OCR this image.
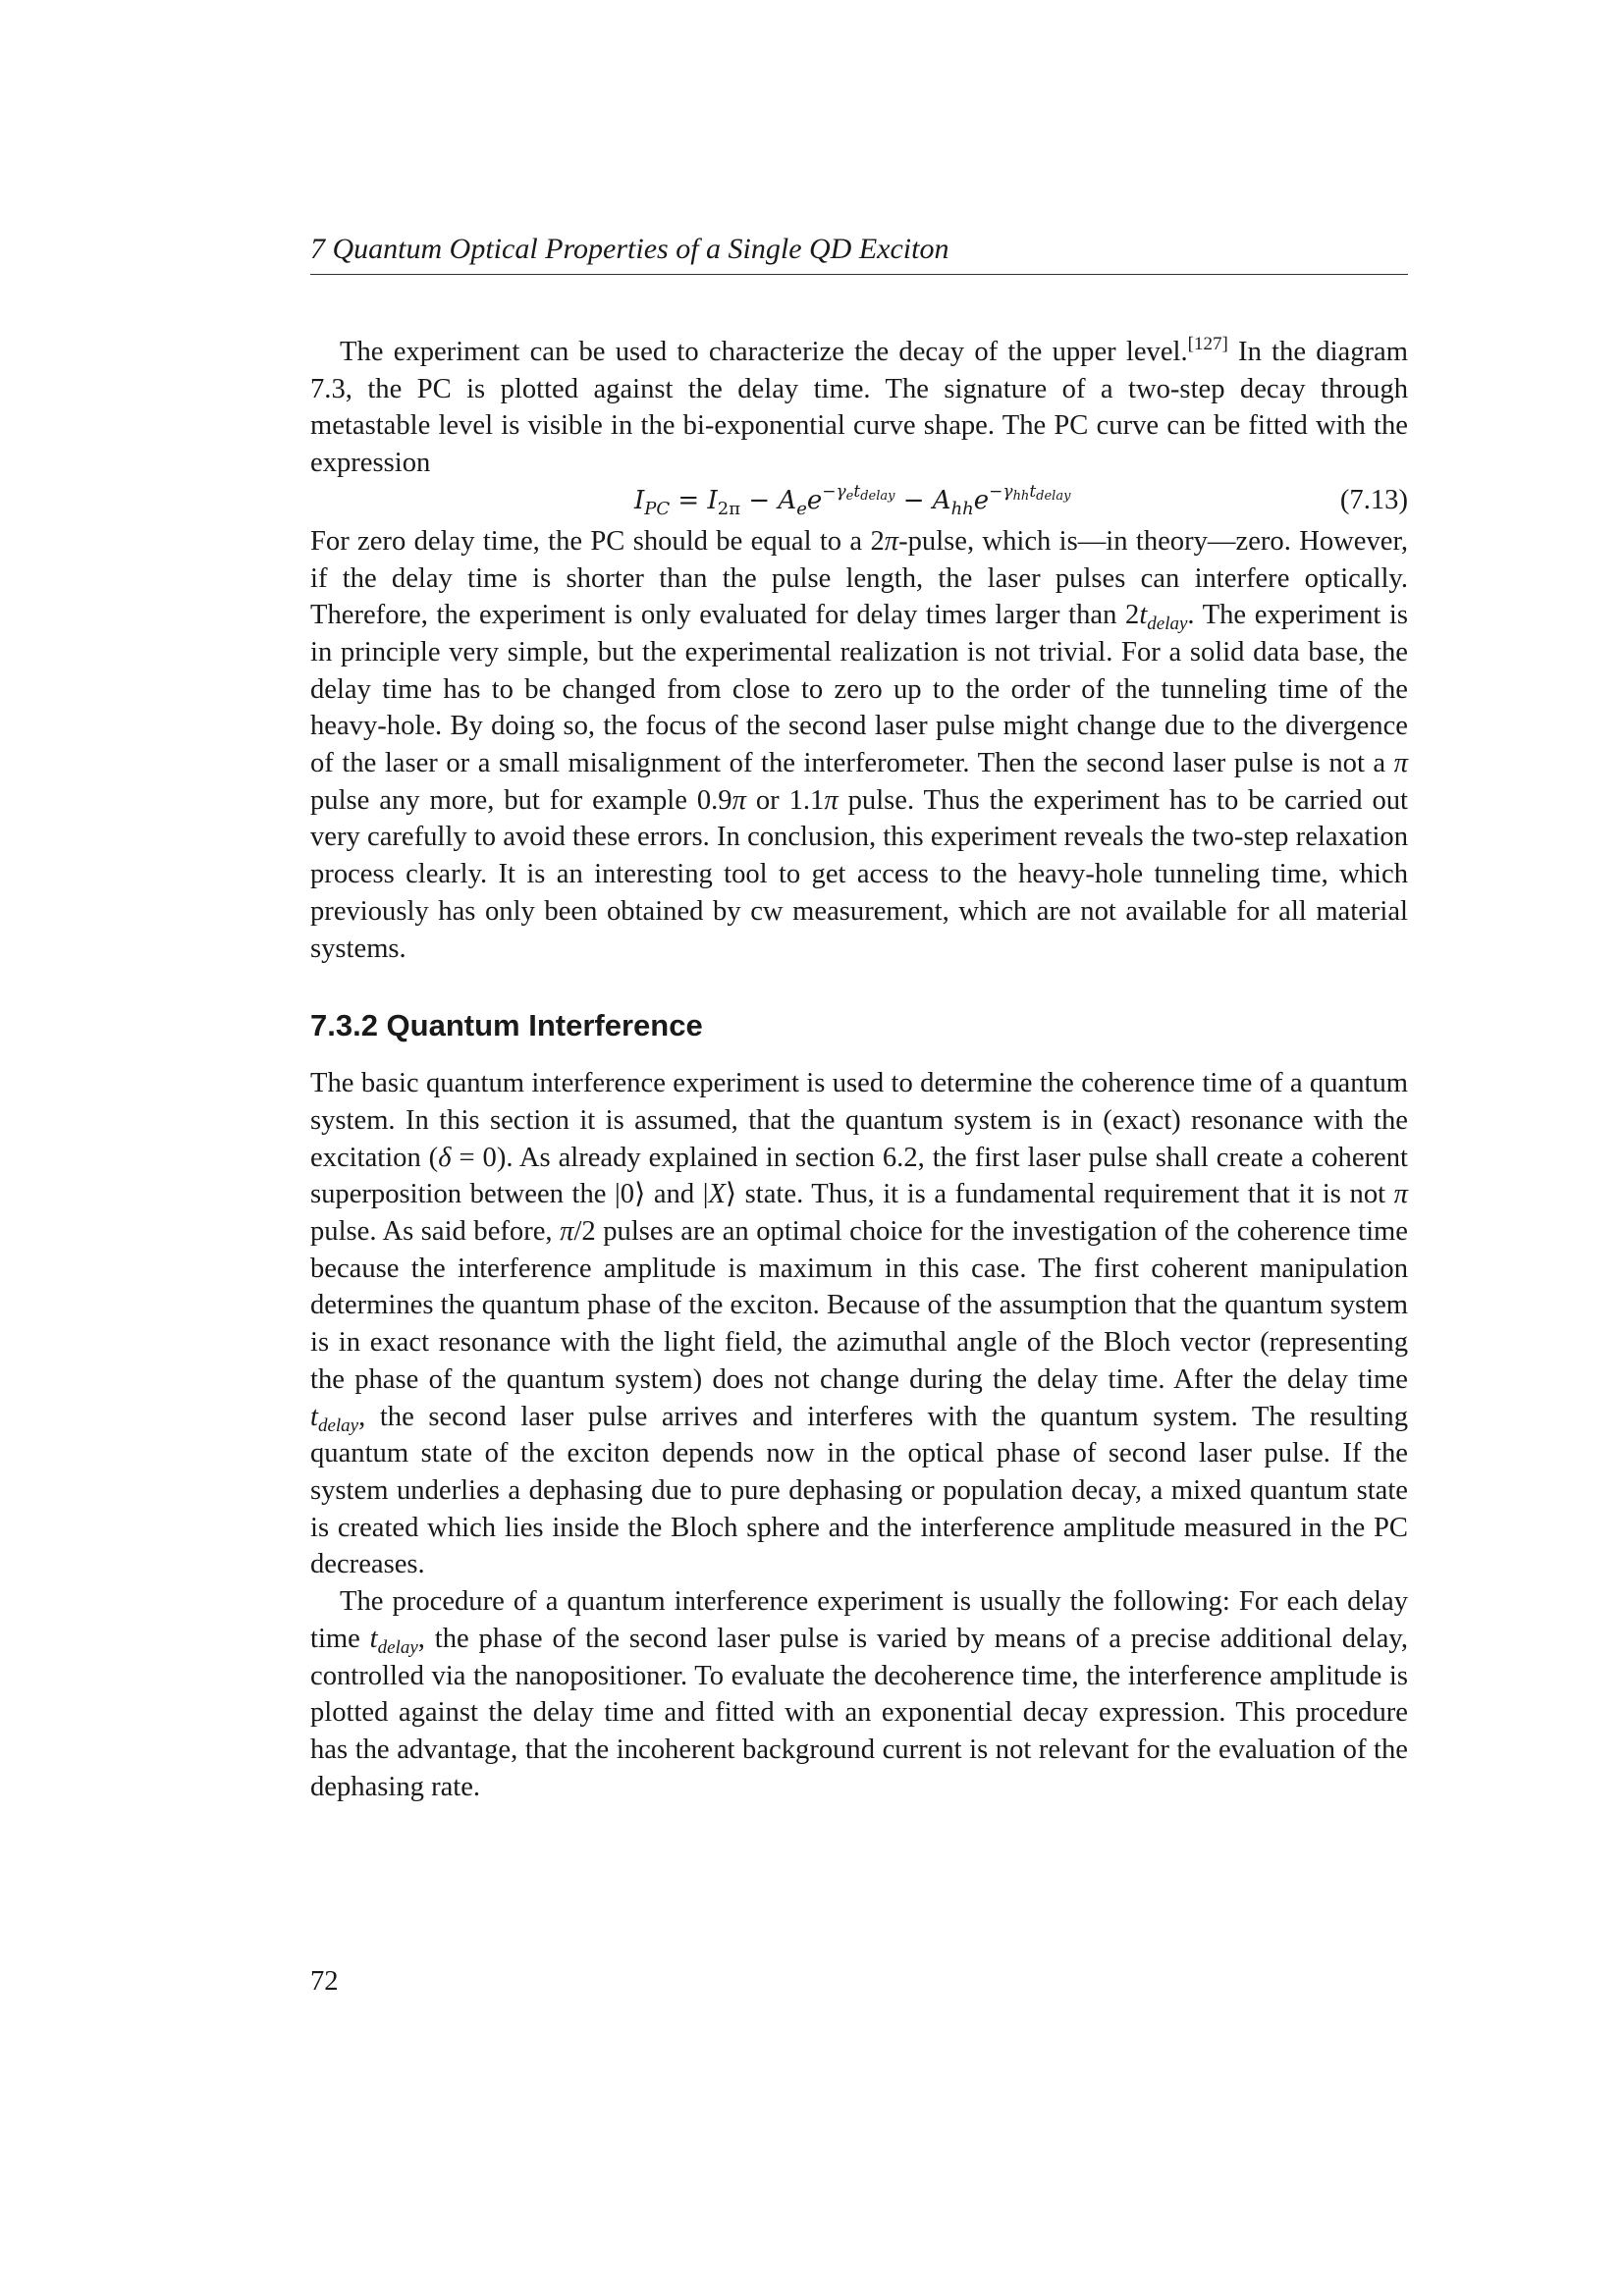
7 Quantum Optical Properties of a Single QD Exciton

The experiment can be used to characterize the decay of the upper level.[127] In the diagram 7.3, the PC is plotted against the delay time. The signature of a two-step decay through metastable level is visible in the bi-exponential curve shape. The PC curve can be fitted with the expression

$I_{PC} = I_{2\pi} - A_ee^{-\gamma_et_{delay}} - A_{hh}e^{-\gamma_{hh}t_{delay}}$	(7.13)

For zero delay time, the PC should be equal to a 2π-pulse, which is—in theory—zero. However, if the delay time is shorter than the pulse length, the laser pulses can interfere optically. Therefore, the experiment is only evaluated for delay times larger than $2t_{delay}$. The experiment is in principle very simple, but the experimental realization is not trivial. For a solid data base, the delay time has to be changed from close to zero up to the order of the tunneling time of the heavy-hole. By doing so, the focus of the second laser pulse might change due to the divergence of the laser or a small misalignment of the interferometer. Then the second laser pulse is not a π pulse any more, but for example 0.9π or 1.1π pulse. Thus the experiment has to be carried out very carefully to avoid these errors. In conclusion, this experiment reveals the two-step relaxation process clearly. It is an interesting tool to get access to the heavy-hole tunneling time, which previously has only been obtained by cw measurement, which are not available for all material systems.

7.3.2 Quantum Interference

The basic quantum interference experiment is used to determine the coherence time of a quantum system. In this section it is assumed, that the quantum system is in (exact) resonance with the excitation (δ = 0). As already explained in section 6.2, the first laser pulse shall create a coherent superposition between the |0⟩ and |X⟩ state. Thus, it is a fundamental requirement that it is not π pulse. As said before, π/2 pulses are an optimal choice for the investigation of the coherence time because the interference amplitude is maximum in this case. The first coherent manipulation determines the quantum phase of the exciton. Because of the assumption that the quantum system is in exact resonance with the light field, the azimuthal angle of the Bloch vector (representing the phase of the quantum system) does not change during the delay time. After the delay time $t_{delay}$, the second laser pulse arrives and interferes with the quantum system. The resulting quantum state of the exciton depends now in the optical phase of second laser pulse. If the system underlies a dephasing due to pure dephasing or population decay, a mixed quantum state is created which lies inside the Bloch sphere and the interference amplitude measured in the PC decreases.

The procedure of a quantum interference experiment is usually the following: For each delay time $t_{delay}$, the phase of the second laser pulse is varied by means of a precise additional delay, controlled via the nanopositioner. To evaluate the decoherence time, the interference amplitude is plotted against the delay time and fitted with an exponential decay expression. This procedure has the advantage, that the incoherent background current is not relevant for the evaluation of the dephasing rate.

72
